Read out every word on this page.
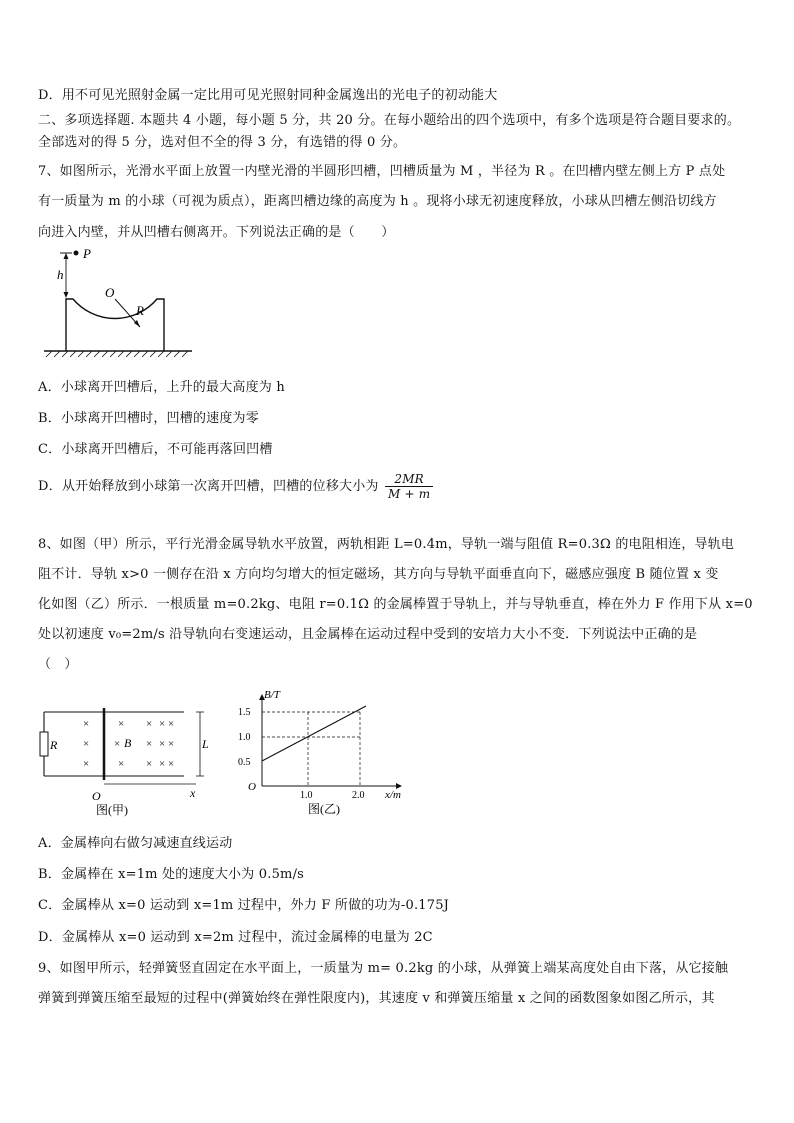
D．用不可见光照射金属一定比用可见光照射同种金属逸出的光电子的初动能大
二、多项选择题. 本题共 4 小题，每小题 5 分，共 20 分。在每小题给出的四个选项中，有多个选项是符合题目要求的。
全部选对的得 5 分，选对但不全的得 3 分，有选错的得 0 分。
7、如图所示，光滑水平面上放置一内壁光滑的半圆形凹槽，凹槽质量为 M ，半径为 R 。在凹槽内壁左侧上方 P 点处
有一质量为 m 的小球（可视为质点），距离凹槽边缘的高度为 h 。现将小球无初速度释放，小球从凹槽左侧沿切线方
向进入内壁，并从凹槽右侧离开。下列说法正确的是（　　）
O
R
P
h
A．小球离开凹槽后，上升的最大高度为 h
B．小球离开凹槽时，凹槽的速度为零
C．小球离开凹槽后，不可能再落回凹槽
D．从开始释放到小球第一次离开凹槽，凹槽的位移大小为 $\frac{2MR}{M + m}$
8、如图（甲）所示，平行光滑金属导轨水平放置，两轨相距 L=0.4m，导轨一端与阻值 R=0.3Ω 的电阻相连，导轨电
阻不计．导轨 x>0 一侧存在沿 x 方向均匀增大的恒定磁场，其方向与导轨平面垂直向下，磁感应强度 B 随位置 x 变
化如图（乙）所示．一根质量 m=0.2kg、电阻 r=0.1Ω 的金属棒置于导轨上，并与导轨垂直，棒在外力 F 作用下从 x=0
处以初速度 v₀=2m/s 沿导轨向右变速运动，且金属棒在运动过程中受到的安培力大小不变．下列说法中正确的是
（　）
R
×
×
×
× × × ×
× × × ×
× × × ×
B	L
O	x
图(甲)
B/T
x/m
O
1.5
1.0
0.5
1.0	2.0
图(乙)
A．金属棒向右做匀减速直线运动
B．金属棒在 x=1m 处的速度大小为 0.5m/s
C．金属棒从 x=0 运动到 x=1m 过程中，外力 F 所做的功为-0.175J
D．金属棒从 x=0 运动到 x=2m 过程中，流过金属棒的电量为 2C
9、如图甲所示，轻弹簧竖直固定在水平面上，一质量为 m= 0.2kg 的小球，从弹簧上端某高度处自由下落，从它接触
弹簧到弹簧压缩至最短的过程中(弹簧始终在弹性限度内)，其速度 v 和弹簧压缩量 x 之间的函数图象如图乙所示，其
